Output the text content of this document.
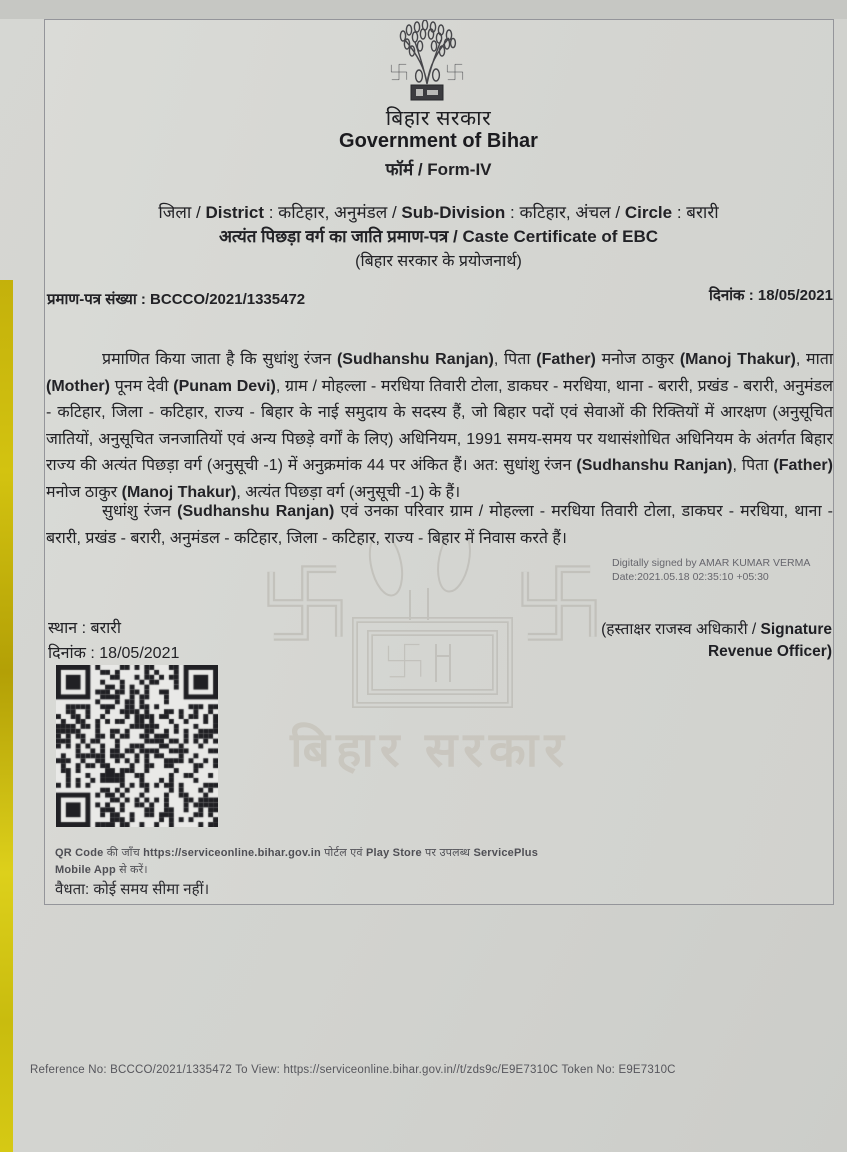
बिहार सरकार
बिहार सरकार
Government of Bihar
फॉर्म / Form-IV
जिला / District : कटिहार, अनुमंडल / Sub-Division : कटिहार, अंचल / Circle : बरारी
अत्यंत पिछड़ा वर्ग का जाति प्रमाण-पत्र / Caste Certificate of EBC
(बिहार सरकार के प्रयोजनार्थ)
प्रमाण-पत्र संख्या : BCCCO/2021/1335472	दिनांक : 18/05/2021
प्रमाणित किया जाता है कि सुधांशु रंजन (Sudhanshu Ranjan), पिता (Father) मनोज ठाकुर (Manoj Thakur), माता (Mother) पूनम देवी (Punam Devi), ग्राम / मोहल्ला - मरधिया तिवारी टोला, डाकघर - मरधिया, थाना - बरारी, प्रखंड - बरारी, अनुमंडल - कटिहार, जिला - कटिहार, राज्य - बिहार के नाई समुदाय के सदस्य हैं, जो बिहार पदों एवं सेवाओं की रिक्तियों में आरक्षण (अनुसूचित जातियों, अनुसूचित जनजातियों एवं अन्य पिछड़े वर्गों के लिए) अधिनियम, 1991 समय-समय पर यथासंशोधित अधिनियम के अंतर्गत बिहार राज्य की अत्यंत पिछड़ा वर्ग (अनुसूची -1) में अनुक्रमांक 44 पर अंकित हैं। अत: सुधांशु रंजन (Sudhanshu Ranjan), पिता (Father) मनोज ठाकुर (Manoj Thakur), अत्यंत पिछड़ा वर्ग (अनुसूची -1) के हैं।
सुधांशु रंजन (Sudhanshu Ranjan) एवं उनका परिवार ग्राम / मोहल्ला - मरधिया तिवारी टोला, डाकघर - मरधिया, थाना - बरारी, प्रखंड - बरारी, अनुमंडल - कटिहार, जिला - कटिहार, राज्य - बिहार में निवास करते हैं।
Digitally signed by AMAR KUMAR VERMA
Date:2021.05.18 02:35:10 +05:30
स्थान : बरारी
दिनांक : 18/05/2021
(हस्ताक्षर राजस्व अधिकारी / Signature
Revenue Officer)
QR Code की जाँच https://serviceonline.bihar.gov.in पोर्टल एवं Play Store पर उपलब्ध ServicePlus
Mobile App से करें।
वैधता: कोई समय सीमा नहीं।
Reference No: BCCCO/2021/1335472 To View: https://serviceonline.bihar.gov.in//t/zds9c/E9E7310C Token No: E9E7310C
